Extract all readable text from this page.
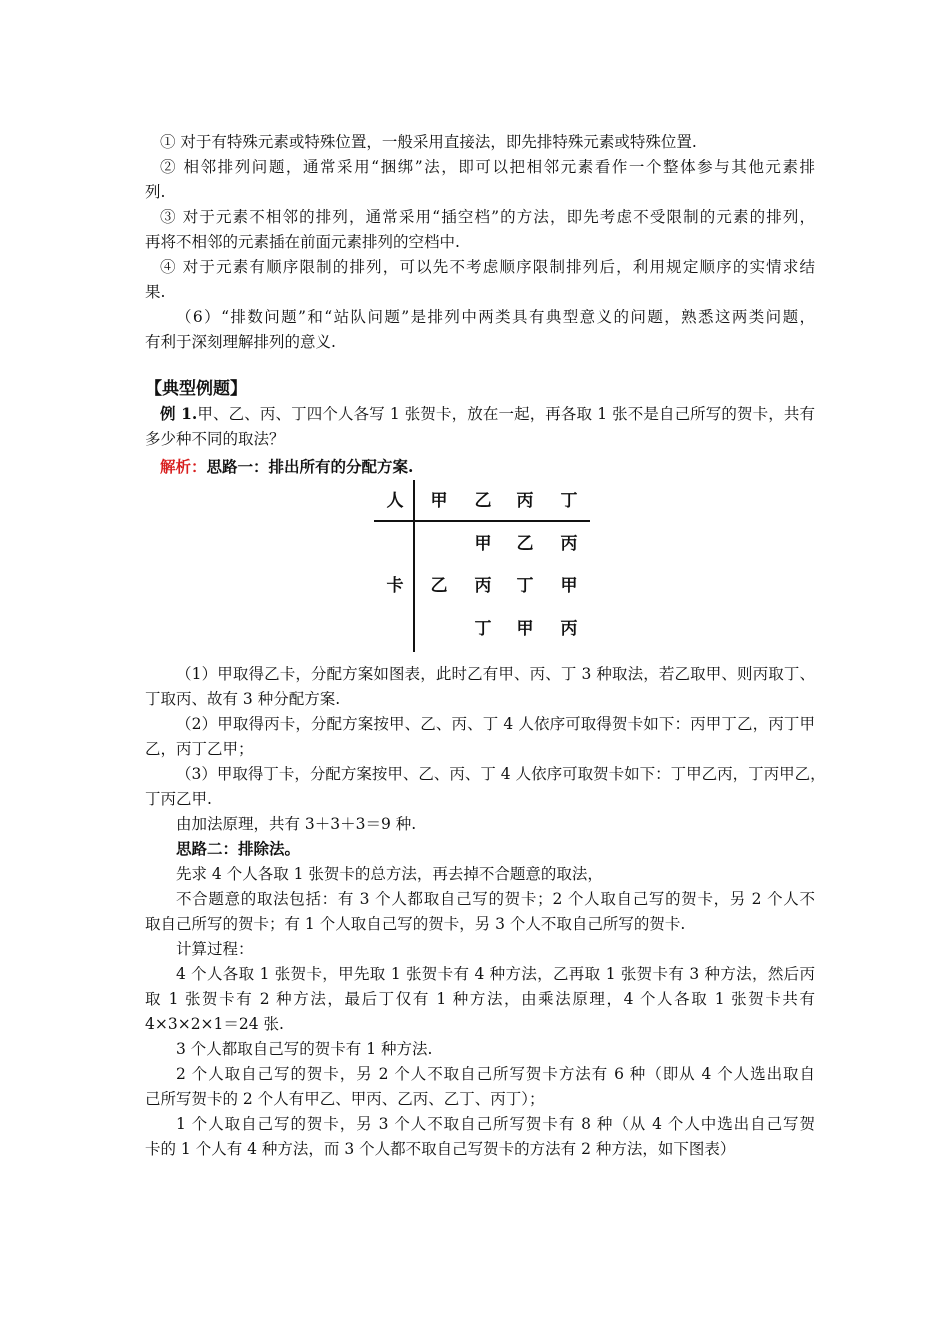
① 对于有特殊元素或特殊位置，一般采用直接法，即先排特殊元素或特殊位置.
② 相邻排列问题，通常采用“捆绑”法，即可以把相邻元素看作一个整体参与其他元素排
列.
③ 对于元素不相邻的排列，通常采用“插空档”的方法，即先考虑不受限制的元素的排列，
再将不相邻的元素插在前面元素排列的空档中.
④ 对于元素有顺序限制的排列，可以先不考虑顺序限制排列后，利用规定顺序的实情求结
果.
（6）“排数问题”和“站队问题”是排列中两类具有典型意义的问题，熟悉这两类问题，
有利于深刻理解排列的意义.
【典型例题】
例 1.甲、乙、丙、丁四个人各写 1 张贺卡，放在一起，再各取 1 张不是自己所写的贺卡，共有
多少种不同的取法？
解析：思路一：排出所有的分配方案.
人 甲 乙 丙 丁
卡 乙
甲 乙 丙
丙 丁 甲
丁 甲 丙
（1）甲取得乙卡，分配方案如图表，此时乙有甲、丙、丁 3 种取法，若乙取甲、则丙取丁、
丁取丙、故有 3 种分配方案.
（2）甲取得丙卡，分配方案按甲、乙、丙、丁 4 人依序可取得贺卡如下：丙甲丁乙，丙丁甲
乙，丙丁乙甲；
（3）甲取得丁卡，分配方案按甲、乙、丙、丁 4 人依序可取贺卡如下：丁甲乙丙，丁丙甲乙，
丁丙乙甲.
由加法原理，共有 3＋3＋3＝9 种.
思路二：排除法。
先求 4 个人各取 1 张贺卡的总方法，再去掉不合题意的取法，
不合题意的取法包括：有 3 个人都取自己写的贺卡；2 个人取自己写的贺卡，另 2 个人不
取自己所写的贺卡；有 1 个人取自己写的贺卡，另 3 个人不取自己所写的贺卡.
计算过程：
4 个人各取 1 张贺卡，甲先取 1 张贺卡有 4 种方法，乙再取 1 张贺卡有 3 种方法，然后丙
取 1 张贺卡有 2 种方法，最后丁仅有 1 种方法，由乘法原理，4 个人各取 1 张贺卡共有
4×3×2×1＝24 张.
3 个人都取自己写的贺卡有 1 种方法.
2 个人取自己写的贺卡，另 2 个人不取自己所写贺卡方法有 6 种（即从 4 个人选出取自
己所写贺卡的 2 个人有甲乙、甲丙、乙丙、乙丁、丙丁）；
1 个人取自己写的贺卡，另 3 个人不取自己所写贺卡有 8 种（从 4 个人中选出自己写贺
卡的 1 个人有 4 种方法，而 3 个人都不取自己写贺卡的方法有 2 种方法，如下图表）
